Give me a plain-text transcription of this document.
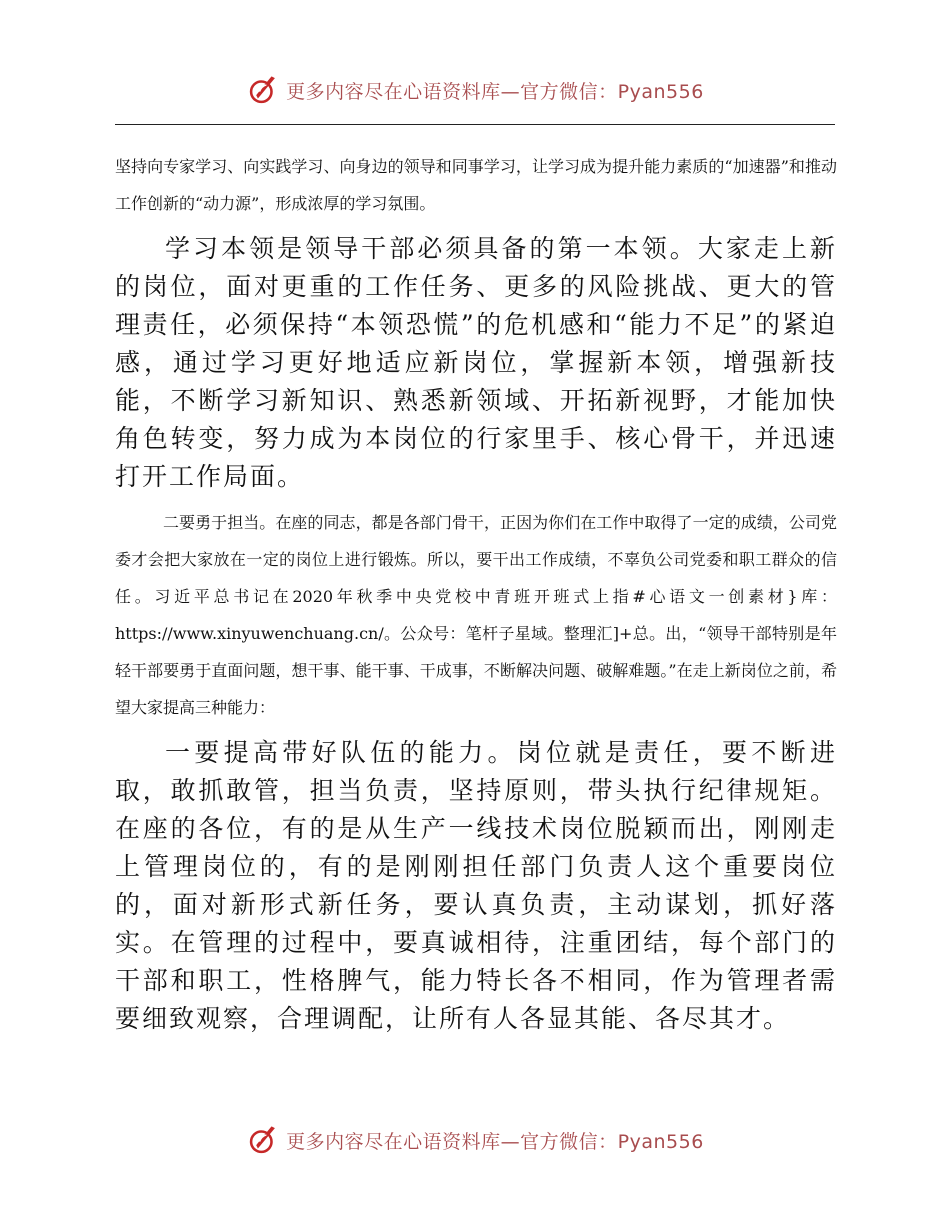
更多内容尽在心语资料库—官方微信：Pyan556

坚持向专家学习、向实践学习、向身边的领导和同事学习，让学习成为提升能力素质的“加速器”和推动工作创新的“动力源”，形成浓厚的学习氛围。

学习本领是领导干部必须具备的第一本领。大家走上新的岗位，面对更重的工作任务、更多的风险挑战、更大的管理责任，必须保持“本领恐慌”的危机感和“能力不足”的紧迫感，通过学习更好地适应新岗位，掌握新本领，增强新技能，不断学习新知识、熟悉新领域、开拓新视野，才能加快角色转变，努力成为本岗位的行家里手、核心骨干，并迅速打开工作局面。

二要勇于担当。在座的同志，都是各部门骨干，正因为你们在工作中取得了一定的成绩，公司党委才会把大家放在一定的岗位上进行锻炼。所以，要干出工作成绩，不辜负公司党委和职工群众的信任。习近平总书记在2020年秋季中央党校中青班开班式上指#心语文一创素材}库：https://www.xinyuwenchuang.cn/。公众号：笔杆子星域。整理汇]+总。出，“领导干部特别是年轻干部要勇于直面问题，想干事、能干事、干成事，不断解决问题、破解难题。”在走上新岗位之前，希望大家提高三种能力：

一要提高带好队伍的能力。岗位就是责任，要不断进取，敢抓敢管，担当负责，坚持原则，带头执行纪律规矩。在座的各位，有的是从生产一线技术岗位脱颖而出，刚刚走上管理岗位的，有的是刚刚担任部门负责人这个重要岗位的，面对新形式新任务，要认真负责，主动谋划，抓好落实。在管理的过程中，要真诚相待，注重团结，每个部门的干部和职工，性格脾气，能力特长各不相同，作为管理者需要细致观察，合理调配，让所有人各显其能、各尽其才。

更多内容尽在心语资料库—官方微信：Pyan556
